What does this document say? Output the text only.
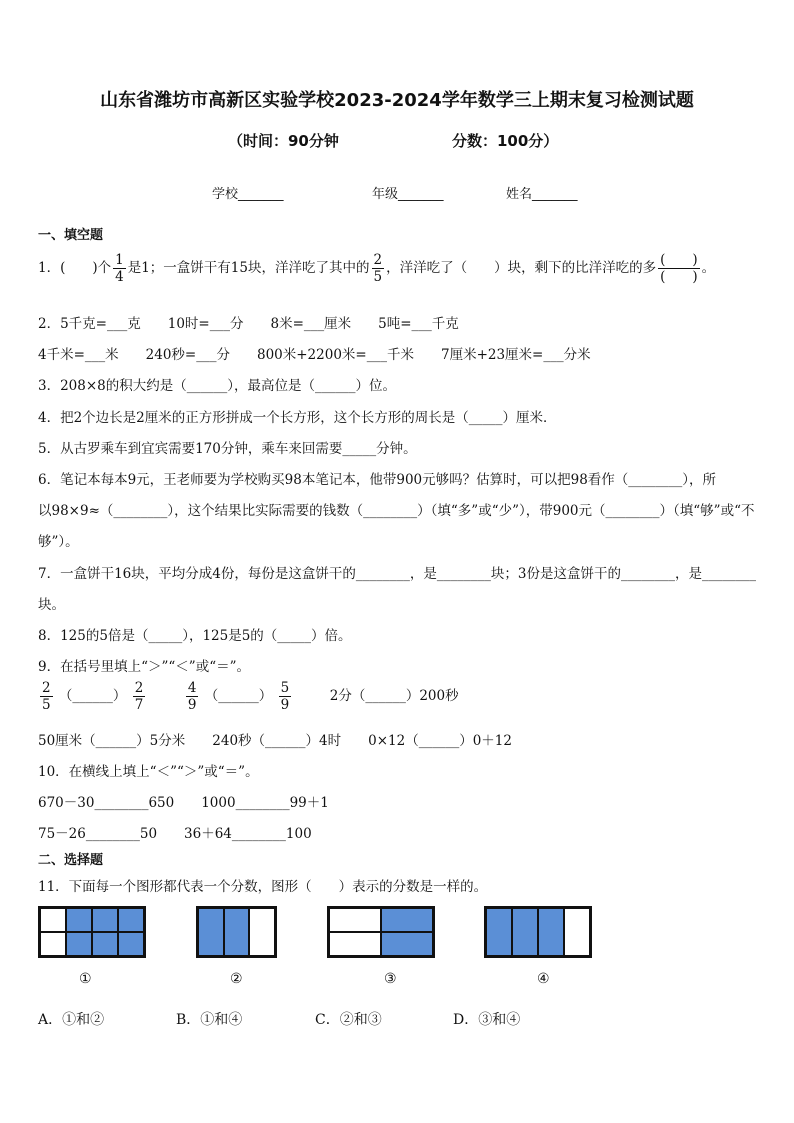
山东省潍坊市高新区实验学校2023-2024学年数学三上期末复习检测试题
（时间：90分钟	分数：100分）
学校_______	年级_______	姓名_______
一、填空题
1．(　　)个 $\frac{1}{4}$ 是1；一盒饼干有15块，洋洋吃了其中的 $\frac{2}{5}$ ，洋洋吃了（　　）块，剩下的比洋洋吃的多 $\frac{( )}{( )}$ 。
2．5千克=___克　　10时=___分　　8米=___厘米　　5吨=___千克
4千米=___米　　240秒=___分　　800米+2200米=___千米　　7厘米+23厘米=___分米
3．208×8的积大约是（______），最高位是（______）位。
4．把2个边长是2厘米的正方形拼成一个长方形，这个长方形的周长是（_____）厘米．
5．从古罗乘车到宜宾需要170分钟，乘车来回需要_____分钟。
6．笔记本每本9元，王老师要为学校购买98本笔记本，他带900元够吗？估算时，可以把98看作（________），所
以98×9≈（________），这个结果比实际需要的钱数（________）（填“多”或“少”），带900元（________）（填“够”或“不
够”）。
7．一盒饼干16块，平均分成4份，每份是这盒饼干的________，是________块；3份是这盒饼干的________，是________
块。
8．125的5倍是（_____），125是5的（_____）倍。
9．在括号里填上“＞”“＜”或“＝”。
$\frac{2}{5}$ （______） $\frac{2}{7}$
	$\frac{4}{9}$ （______） $\frac{5}{9}$	2分（______）200秒
50厘米（______）5分米　　240秒（______）4时　　0×12（______）0＋12
10．在横线上填上“＜”“＞”或“＝”。
670－30________650　　1000________99＋1
75－26________50　　36＋64________100
二、选择题
11．下面每一个图形都代表一个分数，图形（　　）表示的分数是一样的。
①	②	③	④
A．①和②	B．①和④	C．②和③	D．③和④
